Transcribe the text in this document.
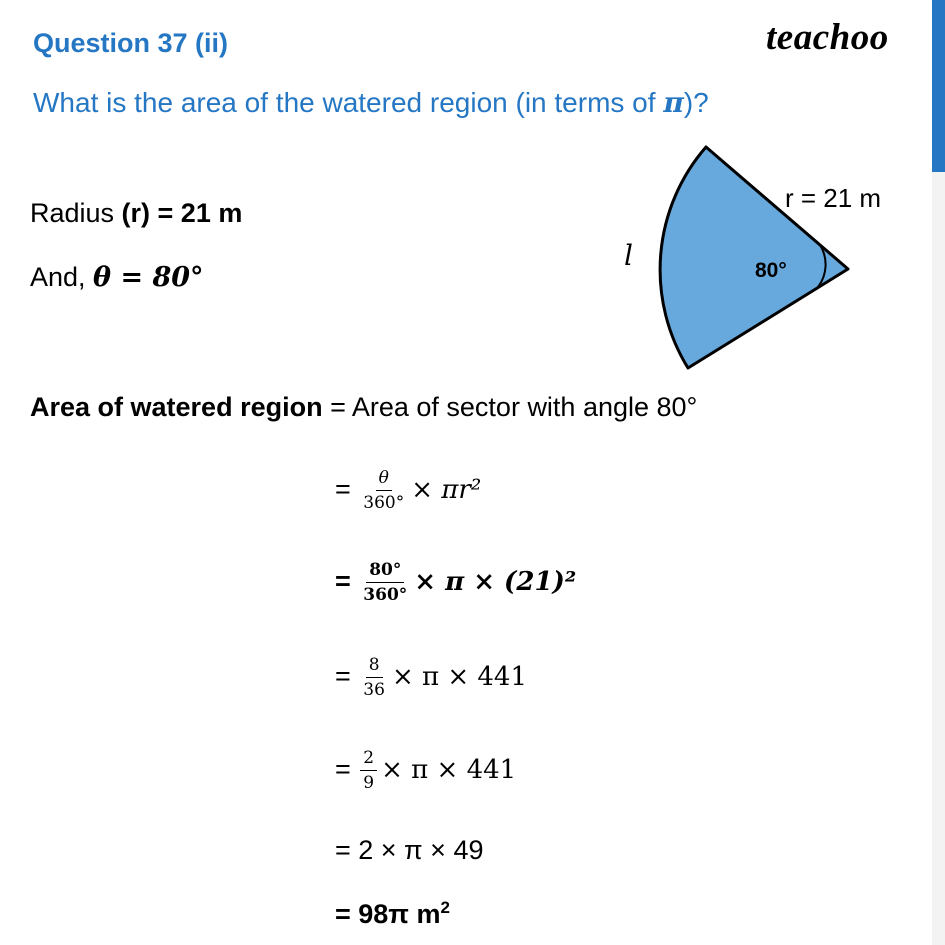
Question 37 (ii)
What is the area of the watered region (in terms of π)?
teachoo
Radius (r) = 21 m
And, θ = 80°
r = 21 m
80°
l
Area of watered region = Area of sector with angle 80°
= $\frac{\theta}{360^\circ} \times \pi r^2$
= $\frac{80^\circ}{360^\circ} \times \pi \times (21)^2$
= $\frac{8}{36} \times \pi \times 441$
= $\frac{2}{9} \times \pi \times 441$
= 2 × π × 49
= 98π $m^2$
